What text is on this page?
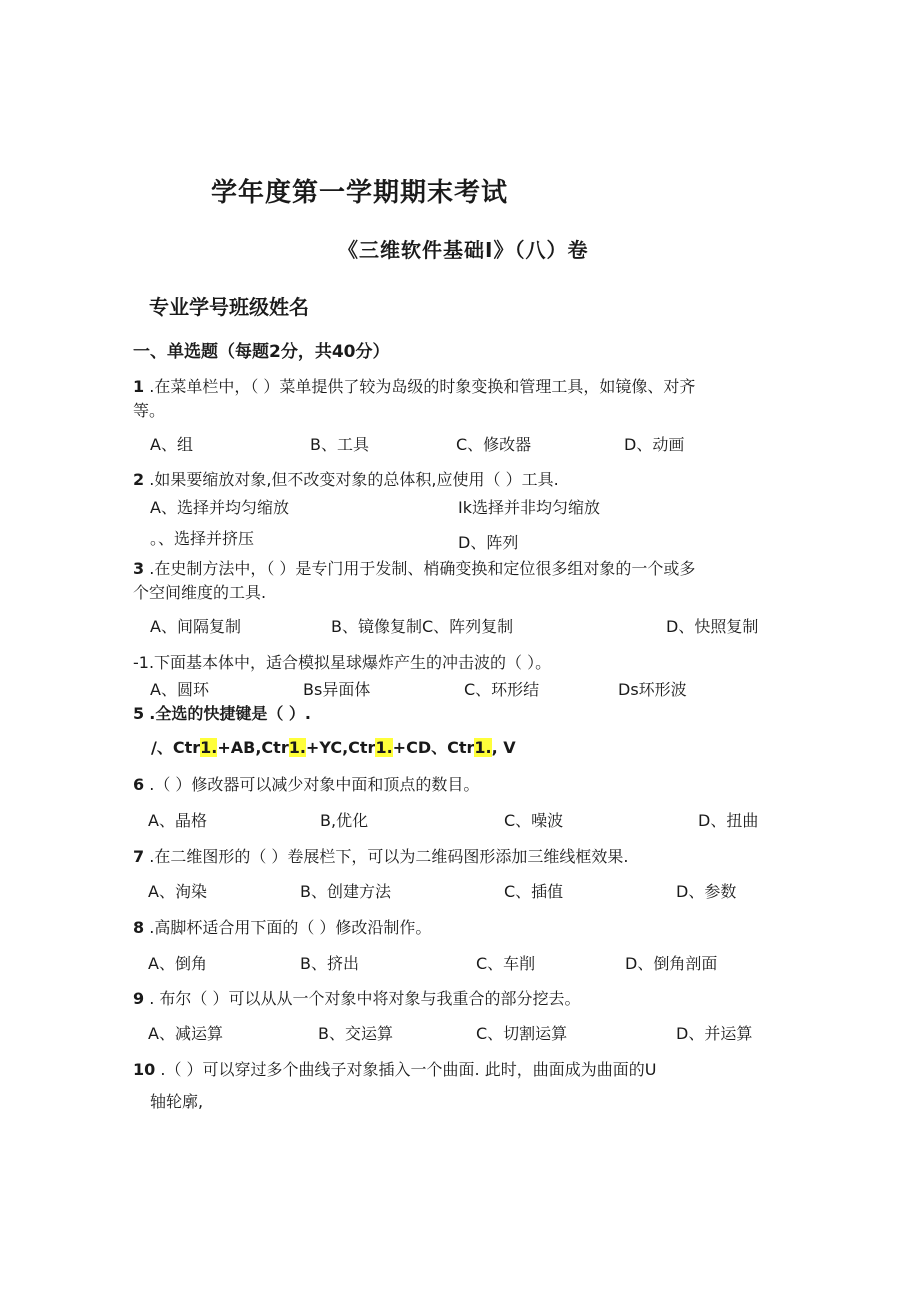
学年度第一学期期末考试
《三维软件基础I》（八）卷
专业学号班级姓名
一、单选题（每题2分，共40分）
1 .在菜单栏中，（ ）菜单提供了较为岛级的时象变换和管理工具，如镜像、对齐
等。
A、组	B、工具	C、修改器	D、动画
2 .如果要缩放对象,但不改变对象的总体积,应使用（ ）工具.
A、选择并均匀缩放	Ik选择并非均匀缩放
。、选择并挤压	D、阵列
3 .在史制方法中，（ ）是专门用于发制、梢确变换和定位很多组对象的一个或多
个空间维度的工具.
A、间隔复制	B、镜像复制C、阵列复制	D、快照复制
-1.下面基本体中，适合模拟星球爆炸产生的冲击波的（ ）。
A、圆环	Bs异面体	C、环形结	Ds环形波
5 .全选的快捷键是（ ）.
/、Ctr1.+AB,Ctr1.+YC,Ctr1.+CD、Ctr1., V
6 .（ ）修改器可以减少对象中面和顶点的数目。
A、晶格	B,优化	C、噪波	D、扭曲
7 .在二维图形的（ ）卷展栏下，可以为二维码图形添加三维线框效果.
A、洵染	B、创建方法	C、插值	D、参数
8 .高脚杯适合用下面的（ ）修改沿制作。
A、倒角	B、挤出	C、车削	D、倒角剖面
9 . 布尔（ ）可以从从一个对象中将对象与我重合的部分挖去。
A、减运算	B、交运算	C、切割运算	D、并运算
10 .（ ）可以穿过多个曲线子对象插入一个曲面. 此时，曲面成为曲面的U
轴轮廓,
